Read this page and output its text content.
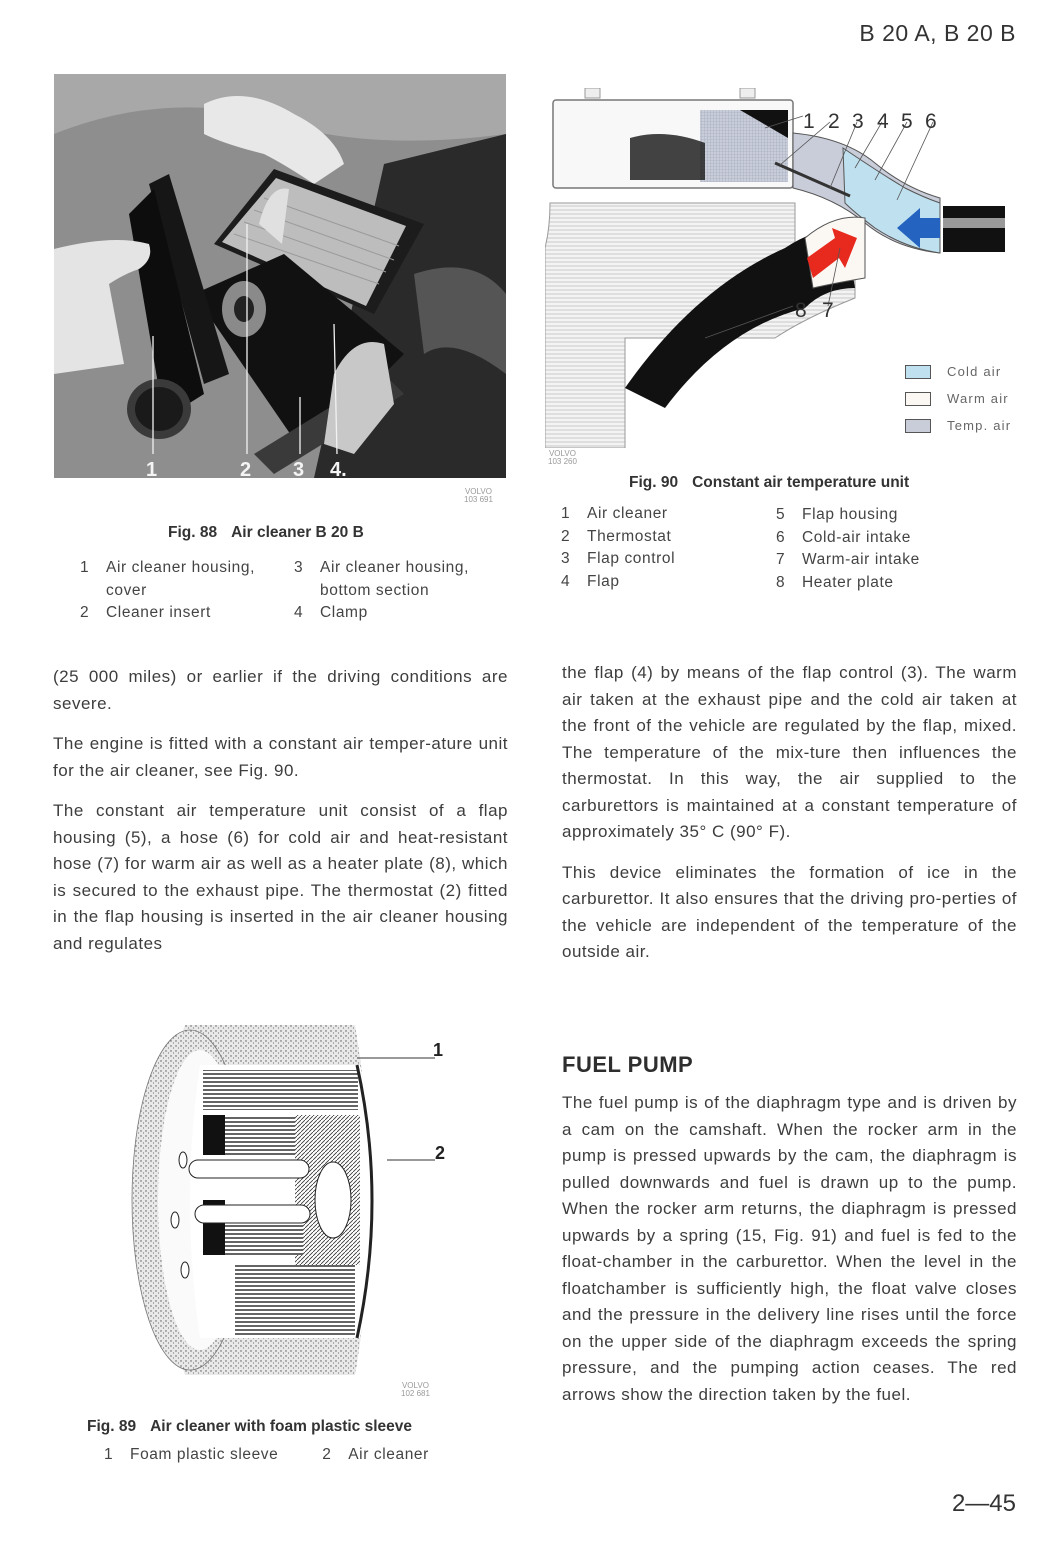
B 20 A, B 20 B
1	2 3 4.
VOLVO
103 691
Fig. 88 Air cleaner B 20 B
1 Air cleaner housing,
cover
2 Cleaner insert
3 Air cleaner housing,
bottom section
4 Clamp
1 2 3 4 5 6
8 7
Cold air
Warm air
Temp. air
VOLVO
103 260
Fig. 90 Constant air temperature unit
1 Air cleaner
2 Thermostat
3 Flap control
4 Flap
5 Flap housing
6 Cold-air intake
7 Warm-air intake
8 Heater plate

(25 000 miles) or earlier if the driving conditions are severe.

The engine is fitted with a constant air temper-ature unit for the air cleaner, see Fig. 90.

The constant air temperature unit consist of a flap housing (5), a hose (6) for cold air and heat-resistant hose (7) for warm air as well as a heater plate (8), which is secured to the exhaust pipe. The thermostat (2) fitted in the flap housing is inserted in the air cleaner housing and regulates

the flap (4) by means of the flap control (3). The warm air taken at the exhaust pipe and the cold air taken at the front of the vehicle are regulated by the flap, mixed. The temperature of the mix-ture then influences the thermostat. In this way, the air supplied to the carburettors is maintained at a constant temperature of approximately 35° C (90° F).

This device eliminates the formation of ice in the carburettor. It also ensures that the driving pro-perties of the vehicle are independent of the temperature of the outside air.

1
2
VOLVO
102 681
Fig. 89 Air cleaner with foam plastic sleeve
1 Foam plastic sleeve	2 Air cleaner
FUEL PUMP

The fuel pump is of the diaphragm type and is driven by a cam on the camshaft. When the rocker arm in the pump is pressed upwards by the cam, the diaphragm is pulled downwards and fuel is drawn up to the pump. When the rocker arm returns, the diaphragm is pressed upwards by a spring (15, Fig. 91) and fuel is fed to the float-chamber in the carburettor. When the level in the floatchamber is sufficiently high, the float valve closes and the pressure in the delivery line rises until the force on the upper side of the diaphragm exceeds the spring pressure, and the pumping action ceases. The red arrows show the direction taken by the fuel.

2—45
